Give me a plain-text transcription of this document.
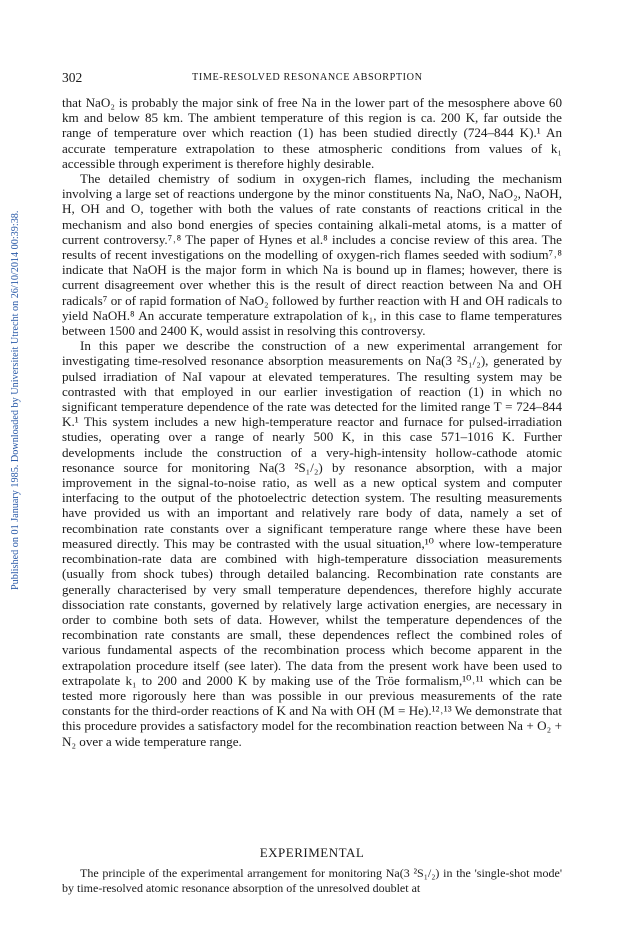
Published on 01 January 1985. Downloaded by Universiteit Utrecht on 26/10/2014 00:39:38.
302	TIME-RESOLVED RESONANCE ABSORPTION

that NaO₂ is probably the major sink of free Na in the lower part of the mesosphere above 60 km and below 85 km. The ambient temperature of this region is ca. 200 K, far outside the range of temperature over which reaction (1) has been studied directly (724–844 K).¹ An accurate temperature extrapolation to these atmospheric conditions from values of k₁ accessible through experiment is therefore highly desirable.

The detailed chemistry of sodium in oxygen-rich flames, including the mechanism involving a large set of reactions undergone by the minor constituents Na, NaO, NaO₂, NaOH, H, OH and O, together with both the values of rate constants of reactions critical in the mechanism and also bond energies of species containing alkali-metal atoms, is a matter of current controversy.⁷˒⁸ The paper of Hynes et al.⁸ includes a concise review of this area. The results of recent investigations on the modelling of oxygen-rich flames seeded with sodium⁷˒⁸ indicate that NaOH is the major form in which Na is bound up in flames; however, there is current disagreement over whether this is the result of direct reaction between Na and OH radicals⁷ or of rapid formation of NaO₂ followed by further reaction with H and OH radicals to yield NaOH.⁸ An accurate temperature extrapolation of k₁, in this case to flame temperatures between 1500 and 2400 K, would assist in resolving this controversy.

In this paper we describe the construction of a new experimental arrangement for investigating time-resolved resonance absorption measurements on Na(3 ²S₁/₂), generated by pulsed irradiation of NaI vapour at elevated temperatures. The resulting system may be contrasted with that employed in our earlier investigation of reaction (1) in which no significant temperature dependence of the rate was detected for the limited range T = 724–844 K.¹ This system includes a new high-temperature reactor and furnace for pulsed-irradiation studies, operating over a range of nearly 500 K, in this case 571–1016 K. Further developments include the construction of a very-high-intensity hollow-cathode atomic resonance source for monitoring Na(3 ²S₁/₂) by resonance absorption, with a major improvement in the signal-to-noise ratio, as well as a new optical system and computer interfacing to the output of the photoelectric detection system. The resulting measurements have provided us with an important and relatively rare body of data, namely a set of recombination rate constants over a significant temperature range where these have been measured directly. This may be contrasted with the usual situation,¹⁰ where low-temperature recombination-rate data are combined with high-temperature dissociation measurements (usually from shock tubes) through detailed balancing. Recombination rate constants are generally characterised by very small temperature dependences, therefore highly accurate dissociation rate constants, governed by relatively large activation energies, are necessary in order to combine both sets of data. However, whilst the temperature dependences of the recombination rate constants are small, these dependences reflect the combined roles of various fundamental aspects of the recombination process which become apparent in the extrapolation procedure itself (see later). The data from the present work have been used to extrapolate k₁ to 200 and 2000 K by making use of the Tröe formalism,¹⁰˒¹¹ which can be tested more rigorously here than was possible in our previous measurements of the rate constants for the third-order reactions of K and Na with OH (M = He).¹²˒¹³ We demonstrate that this procedure provides a satisfactory model for the recombination reaction between Na + O₂ + N₂ over a wide temperature range.

EXPERIMENTAL

The principle of the experimental arrangement for monitoring Na(3 ²S₁/₂) in the 'single-shot mode' by time-resolved atomic resonance absorption of the unresolved doublet at
